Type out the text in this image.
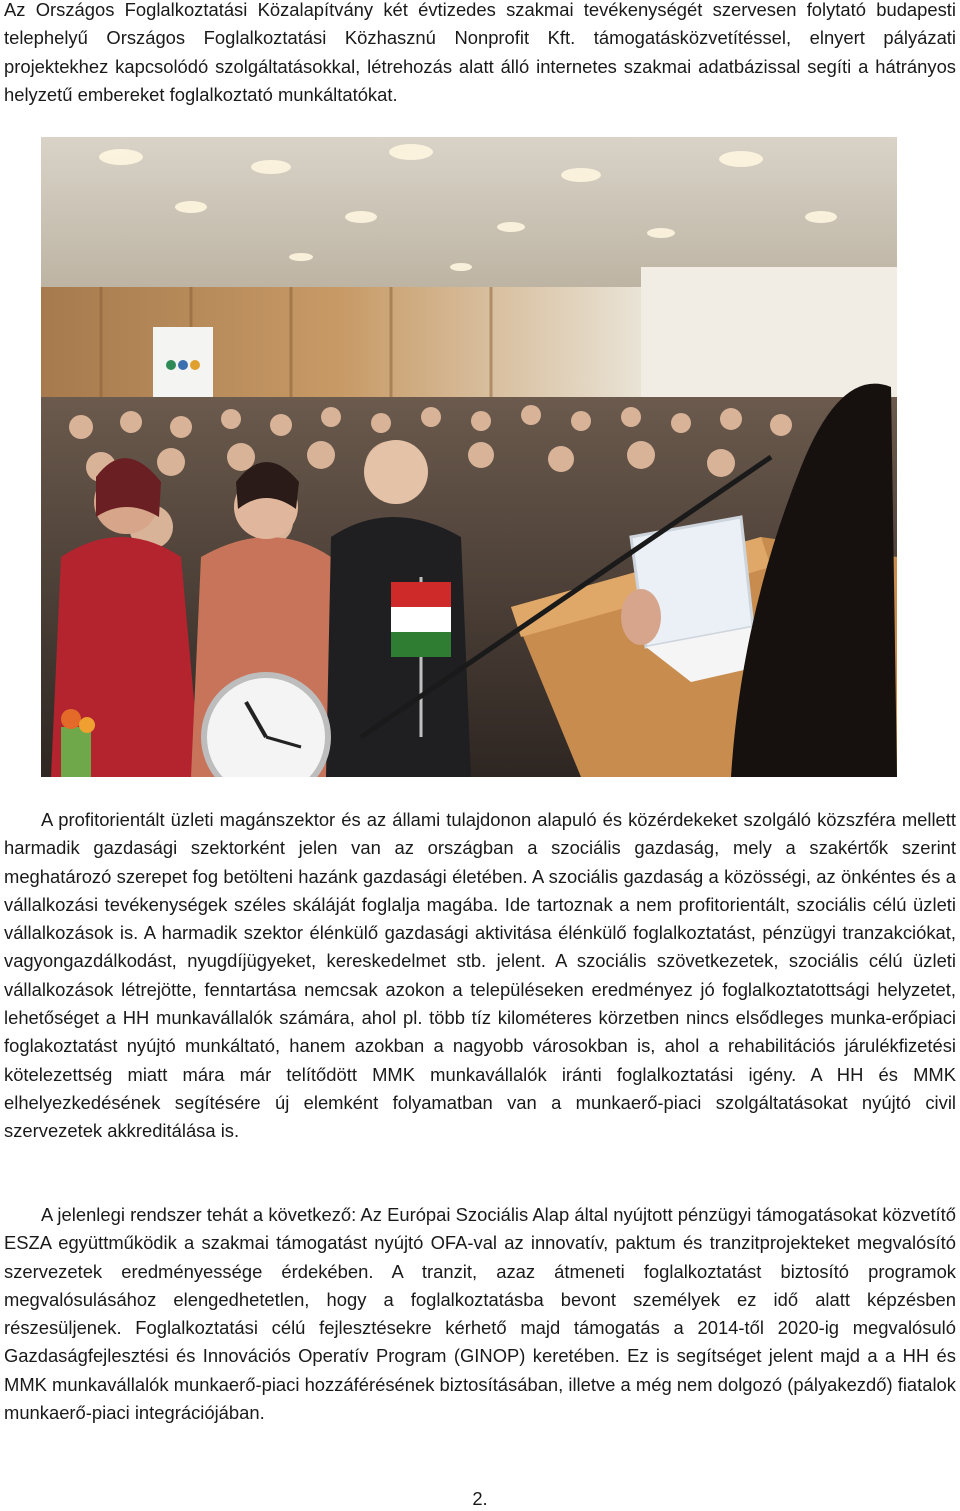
Az Országos Foglalkoztatási Közalapítvány két évtizedes szakmai tevékenységét szervesen folytató budapesti telephelyű Országos Foglalkoztatási Közhasznú Nonprofit Kft. támogatásközvetítéssel, elnyert pályázati projektekhez kapcsolódó szolgáltatásokkal, létrehozás alatt álló internetes szakmai adatbázissal segíti a hátrányos helyzetű embereket foglalkoztató munkáltatókat.

A profitorientált üzleti magánszektor és az állami tulajdonon alapuló és közérdekeket szolgáló közszféra mellett harmadik gazdasági szektorként jelen van az országban a szociális gazdaság, mely a szakértők szerint meghatározó szerepet fog betölteni hazánk gazdasági életében. A szociális gazdaság a közösségi, az önkéntes és a vállalkozási tevékenységek széles skáláját foglalja magába. Ide tartoznak a nem profitorientált, szociális célú üzleti vállalkozások is. A harmadik szektor élénkülő gazdasági aktivitása élénkülő foglalkoztatást, pénzügyi tranzakciókat, vagyongazdálkodást, nyugdíjügyeket, kereskedelmet stb. jelent. A szociális szövetkezetek, szociális célú üzleti vállalkozások létrejötte, fenntartása nemcsak azokon a településeken eredményez jó foglalkoztatottsági helyzetet, lehetőséget a HH munkavállalók számára, ahol pl. több tíz kilométeres körzetben nincs elsődleges munka-erőpiaci foglakoztatást nyújtó munkáltató, hanem azokban a nagyobb városokban is, ahol a rehabilitációs járulékfizetési kötelezettség miatt mára már telítődött MMK munkavállalók iránti foglalkoztatási igény. A HH és MMK elhelyezkedésének segítésére új elemként folyamatban van a munkaerő-piaci szolgáltatásokat nyújtó civil szervezetek akkreditálása is.

A jelenlegi rendszer tehát a következő: Az Európai Szociális Alap által nyújtott pénzügyi támogatásokat közvetítő ESZA együttműködik a szakmai támogatást nyújtó OFA-val az innovatív, paktum és tranzitprojekteket megvalósító szervezetek eredményessége érdekében. A tranzit, azaz átmeneti foglalkoztatást biztosító programok megvalósulásához elengedhetetlen, hogy a foglalkoztatásba bevont személyek ez idő alatt képzésben részesüljenek. Foglalkoztatási célú fejlesztésekre kérhető majd támogatás a 2014-től 2020-ig megvalósuló Gazdaságfejlesztési és Innovációs Operatív Program (GINOP) keretében. Ez is segítséget jelent majd a a HH és MMK munkavállalók munkaerő-piaci hozzáférésének biztosításában, illetve a még nem dolgozó (pályakezdő) fiatalok munkaerő-piaci integrációjában.

2.
